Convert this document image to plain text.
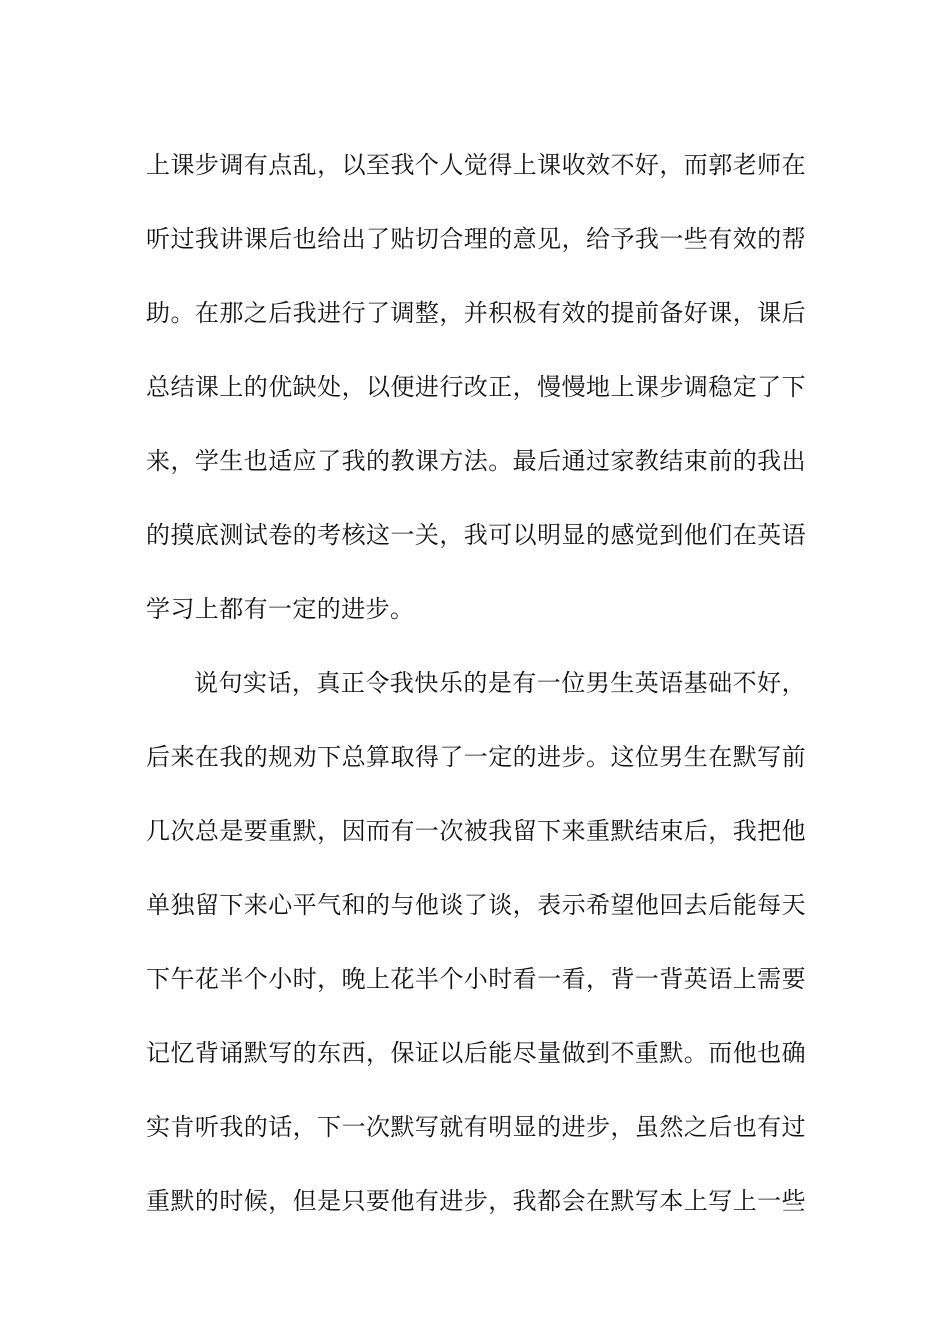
上课步调有点乱，以至我个人觉得上课收效不好，而郭老师在
听过我讲课后也给出了贴切合理的意见，给予我一些有效的帮
助。在那之后我进行了调整，并积极有效的提前备好课，课后
总结课上的优缺处，以便进行改正，慢慢地上课步调稳定了下
来，学生也适应了我的教课方法。最后通过家教结束前的我出
的摸底测试卷的考核这一关，我可以明显的感觉到他们在英语
学习上都有一定的进步。
说句实话，真正令我快乐的是有一位男生英语基础不好，
后来在我的规劝下总算取得了一定的进步。这位男生在默写前
几次总是要重默，因而有一次被我留下来重默结束后，我把他
单独留下来心平气和的与他谈了谈，表示希望他回去后能每天
下午花半个小时，晚上花半个小时看一看，背一背英语上需要
记忆背诵默写的东西，保证以后能尽量做到不重默。而他也确
实肯听我的话，下一次默写就有明显的进步，虽然之后也有过
重默的时候，但是只要他有进步，我都会在默写本上写上一些
